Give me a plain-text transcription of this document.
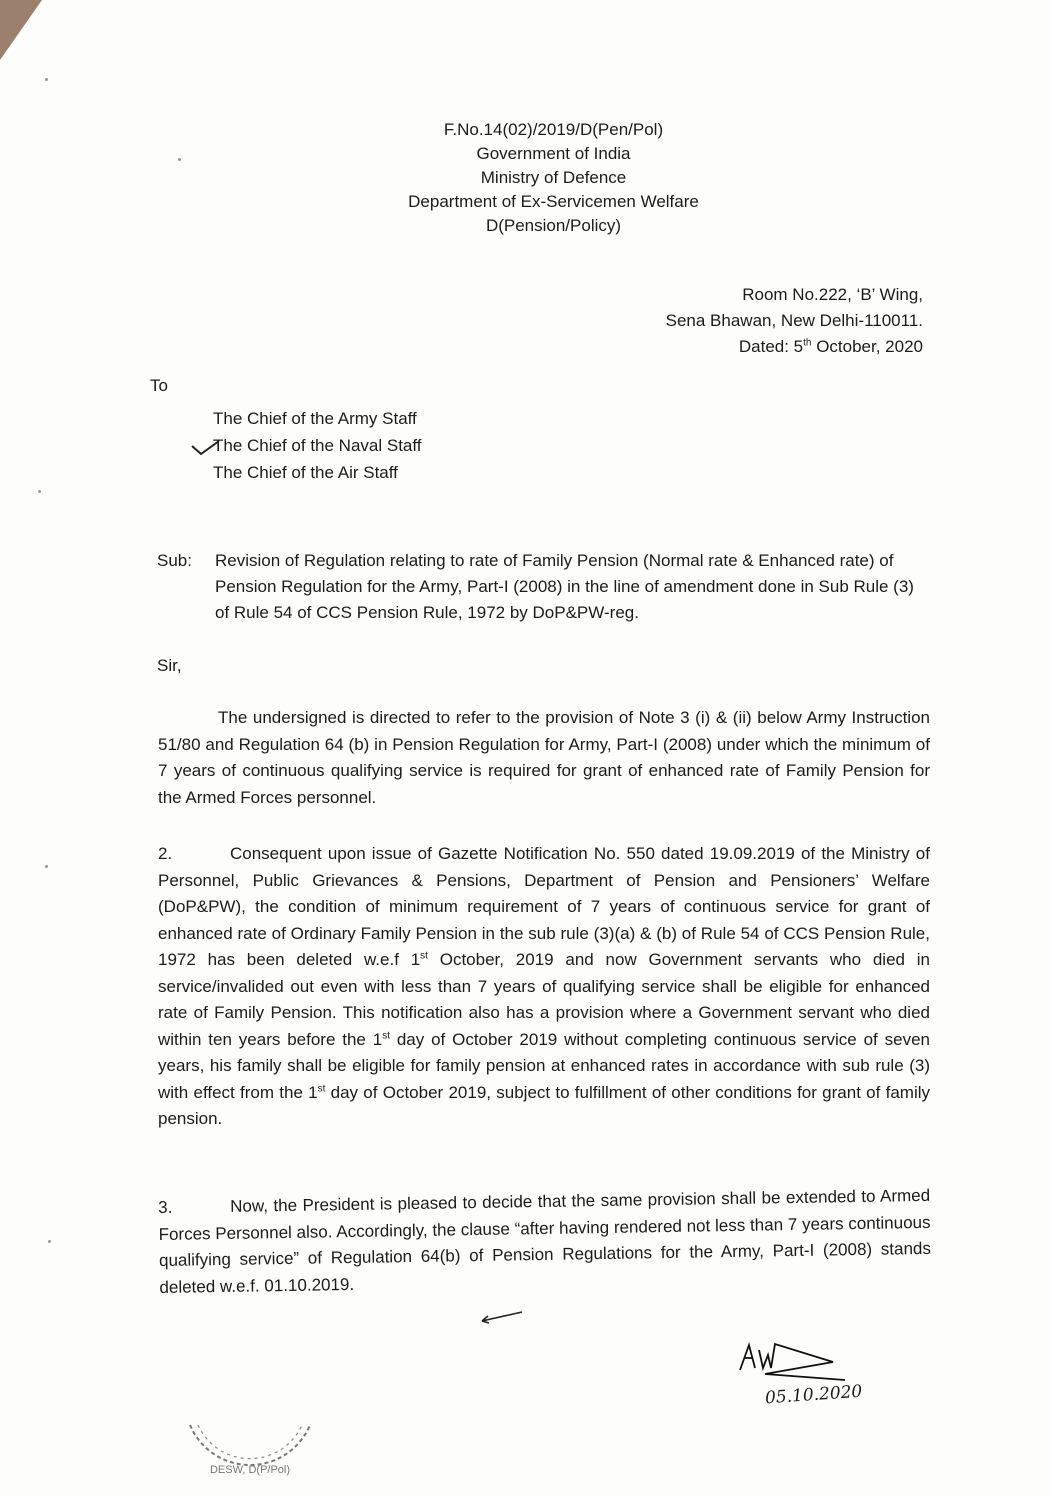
F.No.14(02)/2019/D(Pen/Pol)
Government of India
Ministry of Defence
Department of Ex-Servicemen Welfare
D(Pension/Policy)
Room No.222, ‘B’ Wing,
Sena Bhawan, New Delhi-110011.
Dated: 5th October, 2020
To
The Chief of the Army Staff
The Chief of the Naval Staff
The Chief of the Air Staff
Sub:	Revision of Regulation relating to rate of Family Pension (Normal rate & Enhanced rate) of Pension Regulation for the Army, Part-I (2008) in the line of amendment done in Sub Rule (3) of Rule 54 of CCS Pension Rule, 1972 by DoP&PW-reg.
Sir,
The undersigned is directed to refer to the provision of Note 3 (i) & (ii) below Army Instruction 51/80 and Regulation 64 (b) in Pension Regulation for Army, Part-I (2008) under which the minimum of 7 years of continuous qualifying service is required for grant of enhanced rate of Family Pension for the Armed Forces personnel.
2.	Consequent upon issue of Gazette Notification No. 550 dated 19.09.2019 of the Ministry of Personnel, Public Grievances & Pensions, Department of Pension and Pensioners’ Welfare (DoP&PW), the condition of minimum requirement of 7 years of continuous service for grant of enhanced rate of Ordinary Family Pension in the sub rule (3)(a) & (b) of Rule 54 of CCS Pension Rule, 1972 has been deleted w.e.f 1st October, 2019 and now Government servants who died in service/invalided out even with less than 7 years of qualifying service shall be eligible for enhanced rate of Family Pension. This notification also has a provision where a Government servant who died within ten years before the 1st day of October 2019 without completing continuous service of seven years, his family shall be eligible for family pension at enhanced rates in accordance with sub rule (3) with effect from the 1st day of October 2019, subject to fulfillment of other conditions for grant of family pension.
3.	Now, the President is pleased to decide that the same provision shall be extended to Armed Forces Personnel also. Accordingly, the clause “after having rendered not less than 7 years continuous qualifying service” of Regulation 64(b) of Pension Regulations for the Army, Part-I (2008) stands deleted w.e.f. 01.10.2019.
05.10.2020
DESW, D(P/Pol)
